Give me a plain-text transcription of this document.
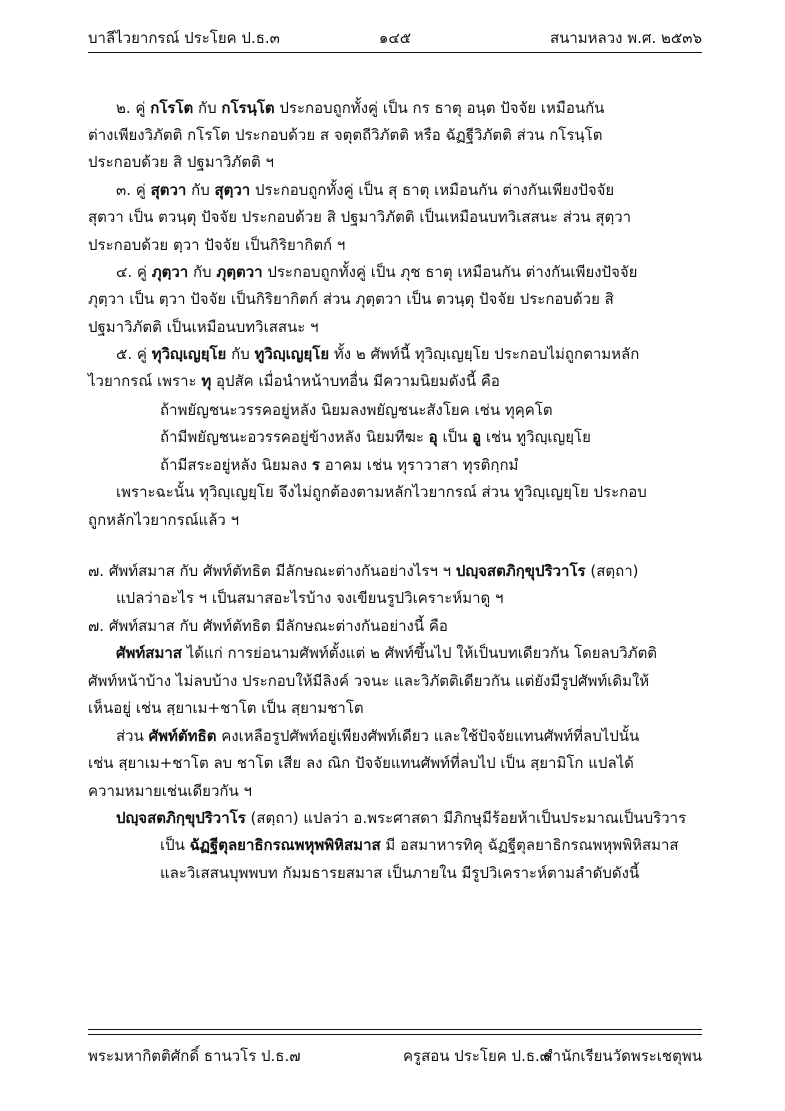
บาลีไวยากรณ์ ประโยค ป.ธ.๓	๑๔๕	สนามหลวง พ.ศ. ๒๕๓๖
๒. คู่ กโรโต กับ กโรนฺโต ประกอบถูกทั้งคู่ เป็น กร ธาตุ อนฺต ปัจจัย เหมือนกัน
ต่างเพียงวิภัตติ กโรโต ประกอบด้วย ส จตุตถีวิภัตติ หรือ ฉัฏฐีวิภัตติ ส่วน กโรนฺโต
ประกอบด้วย สิ ปฐมาวิภัตติ ฯ
๓. คู่ สุตวา กับ สุตฺวา ประกอบถูกทั้งคู่ เป็น สุ ธาตุ เหมือนกัน ต่างกันเพียงปัจจัย
สุตวา เป็น ตวนฺตุ ปัจจัย ประกอบด้วย สิ ปฐมาวิภัตติ เป็นเหมือนบทวิเสสนะ ส่วน สุตฺวา
ประกอบด้วย ตฺวา ปัจจัย เป็นกิริยากิตก์ ฯ
๔. คู่ ภุตฺวา กับ ภุตฺตวา ประกอบถูกทั้งคู่ เป็น ภุช ธาตุ เหมือนกัน ต่างกันเพียงปัจจัย
ภุตฺวา เป็น ตฺวา ปัจจัย เป็นกิริยากิตก์ ส่วน ภุตฺตวา เป็น ตวนฺตุ ปัจจัย ประกอบด้วย สิ
ปฐมาวิภัตติ เป็นเหมือนบทวิเสสนะ ฯ
๕. คู่ ทุวิญฺเญยฺโย กับ ทูวิญฺเญยฺโย ทั้ง ๒ ศัพท์นี้ ทุวิญฺเญยฺโย ประกอบไม่ถูกตามหลัก
ไวยากรณ์ เพราะ ทุ อุปสัค เมื่อนำหน้าบทอื่น มีความนิยมดังนี้ คือ
ถ้าพยัญชนะวรรคอยู่หลัง นิยมลงพยัญชนะสังโยค เช่น ทุคฺคโต
ถ้ามีพยัญชนะอวรรคอยู่ข้างหลัง นิยมทีฆะ อุ เป็น อู เช่น ทูวิญฺเญยฺโย
ถ้ามีสระอยู่หลัง นิยมลง ร อาคม เช่น ทุราวาสา ทุรติกฺกมํ
เพราะฉะนั้น ทุวิญฺเญยฺโย จึงไม่ถูกต้องตามหลักไวยากรณ์ ส่วน ทูวิญฺเญยฺโย ประกอบ
ถูกหลักไวยากรณ์แล้ว ฯ
๗. ศัพท์สมาส กับ ศัพท์ตัทธิต มีลักษณะต่างกันอย่างไรฯ ฯ ปญฺจสตภิกฺขุปริวาโร (สตฺถา)
แปลว่าอะไร ฯ เป็นสมาสอะไรบ้าง จงเขียนรูปวิเคราะห์มาดู ฯ
๗. ศัพท์สมาส กับ ศัพท์ตัทธิต มีลักษณะต่างกันอย่างนี้ คือ
ศัพท์สมาส ได้แก่ การย่อนามศัพท์ตั้งแต่ ๒ ศัพท์ขึ้นไป ให้เป็นบทเดียวกัน โดยลบวิภัตติ
ศัพท์หน้าบ้าง ไม่ลบบ้าง ประกอบให้มีลิงค์ วจนะ และวิภัตติเดียวกัน แต่ยังมีรูปศัพท์เดิมให้
เห็นอยู่ เช่น สฺยาเม+ชาโต เป็น สฺยามชาโต
ส่วน ศัพท์ตัทธิต คงเหลือรูปศัพท์อยู่เพียงศัพท์เดียว และใช้ปัจจัยแทนศัพท์ที่ลบไปนั้น
เช่น สฺยาเม+ชาโต ลบ ชาโต เสีย ลง ณิก ปัจจัยแทนศัพท์ที่ลบไป เป็น สฺยามิโก แปลได้
ความหมายเช่นเดียวกัน ฯ
ปญฺจสตภิกฺขุปริวาโร (สตฺถา) แปลว่า อ.พระศาสดา มีภิกษุมีร้อยห้าเป็นประมาณเป็นบริวาร
เป็น ฉัฏฐีตุลยาธิกรณพหุพพิหิสมาส มี อสมาหารทิคุ ฉัฏฐีตุลยาธิกรณพหุพพิหิสมาส
และวิเสสนบุพพบท กัมมธารยสมาส เป็นภายใน มีรูปวิเคราะห์ตามลำดับดังนี้
พระมหากิตติศักดิ์ ธานวโร ป.ธ.๗	ครูสอน ประโยค ป.ธ.๓
สำนักเรียนวัดพระเชตุพน
